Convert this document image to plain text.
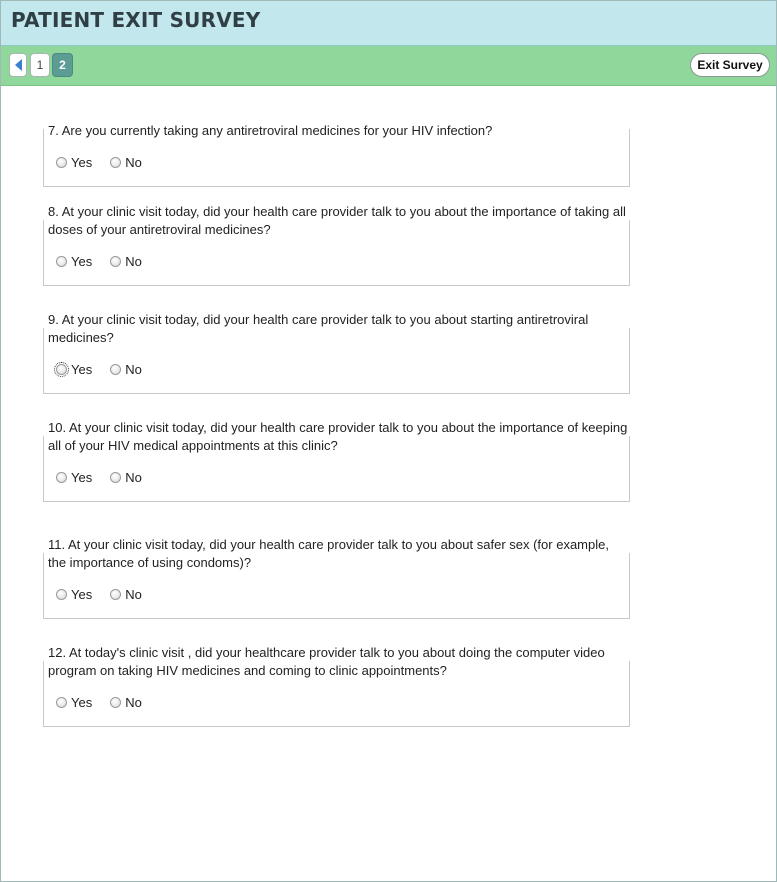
PATIENT EXIT SURVEY
1	2	Exit Survey
7. Are you currently taking any antiretroviral medicines for your HIV infection?
Yes	No
8. At your clinic visit today, did your health care provider talk to you about the importance of taking all doses of your antiretroviral medicines?
Yes	No
9. At your clinic visit today, did your health care provider talk to you about starting antiretroviral medicines?
Yes	No
10. At your clinic visit today, did your health care provider talk to you about the importance of keeping all of your HIV medical appointments at this clinic?
Yes	No
11. At your clinic visit today, did your health care provider talk to you about safer sex (for example, the importance of using condoms)?
Yes	No
12. At today's clinic visit , did your healthcare provider talk to you about doing the computer video program on taking HIV medicines and coming to clinic appointments?
Yes	No
